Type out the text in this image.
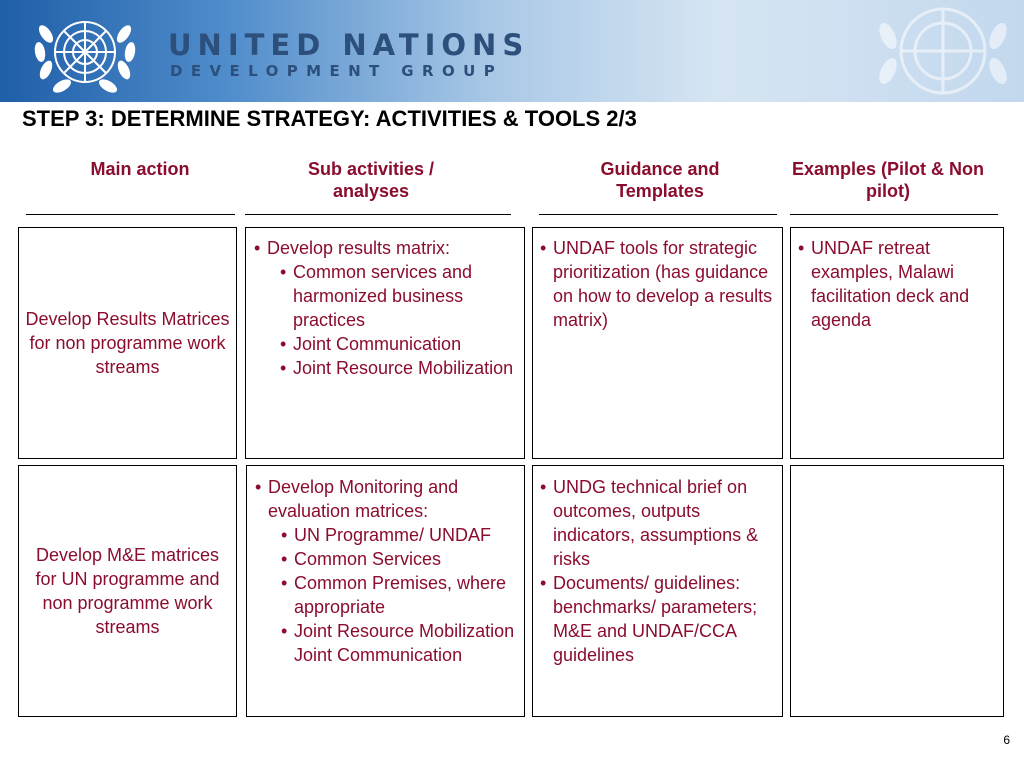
UNITED NATIONS
DEVELOPMENT GROUP
STEP 3: DETERMINE STRATEGY: ACTIVITIES & TOOLS 2/3
Main action	Sub activities / analyses
Guidance and Templates
Examples (Pilot & Non pilot)
Develop Results Matrices for non programme work streams
• Develop results matrix:
• Common services and harmonized business practices
• Joint Communication
• Joint Resource Mobilization
• UNDAF tools for strategic prioritization (has guidance on how to develop a results matrix)
• UNDAF retreat examples, Malawi facilitation deck and agenda
Develop M&E matrices for UN programme and non programme work streams
• Develop Monitoring and evaluation matrices:
• UN Programme/ UNDAF
• Common Services
• Common Premises, where appropriate
• Joint Resource Mobilization Joint Communication
• UNDG technical brief on outcomes, outputs indicators, assumptions & risks
• Documents/ guidelines: benchmarks/ parameters; M&E and UNDAF/CCA guidelines
6
